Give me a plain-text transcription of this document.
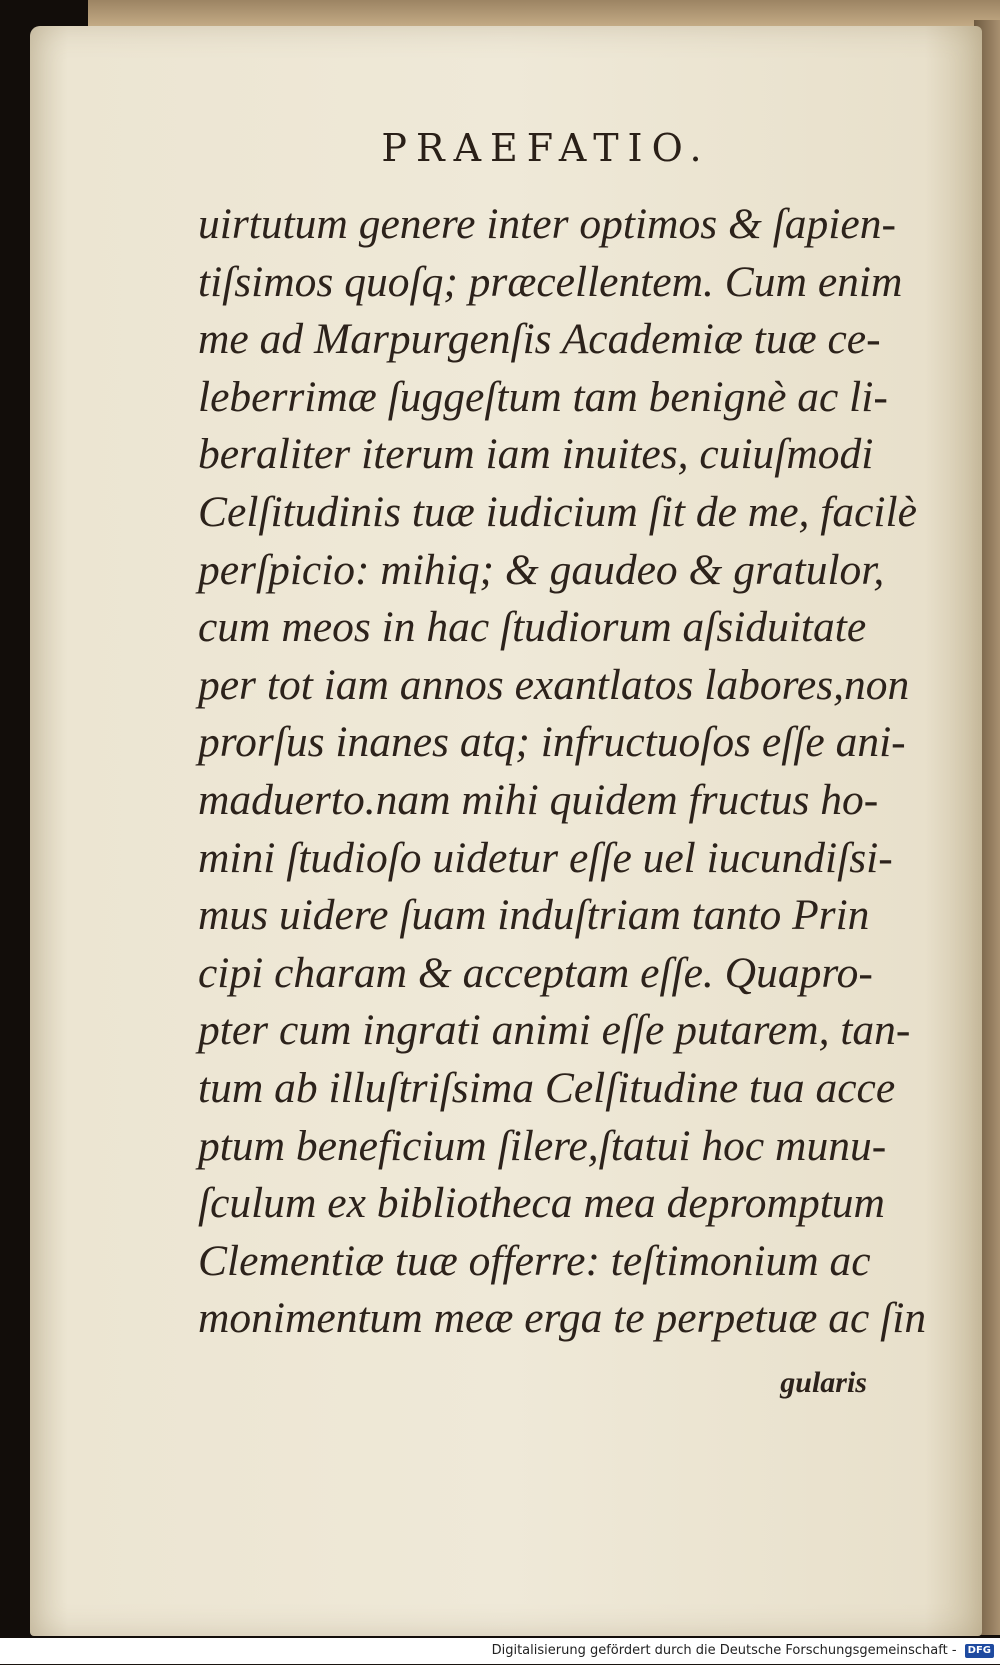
PRAEFATIO.
uirtutum genere inter optimos & ſapien-
tiſsimos quoſq; præcellentem. Cum enim
me ad Marpurgenſis Academiæ tuæ ce-
leberrimæ ſuggeſtum tam benignè ac li-
beraliter iterum iam inuites, cuiuſmodi
Celſitudinis tuæ iudicium ſit de me, facilè
perſpicio: mihiq; & gaudeo & gratulor,
cum meos in hac ſtudiorum aſsiduitate
per tot iam annos exantlatos labores,non
prorſus inanes atq; infructuoſos eſſe ani-
maduerto.nam mihi quidem fructus ho-
mini ſtudioſo uidetur eſſe uel iucundiſsi-
mus uidere ſuam induſtriam tanto Prin
cipi charam & acceptam eſſe. Quapro-
pter cum ingrati animi eſſe putarem, tan-
tum ab illuſtriſsima Celſitudine tua acce
ptum beneficium ſilere,ſtatui hoc munu-
ſculum ex bibliotheca mea depromptum
Clementiæ tuæ offerre: teſtimonium ac
monimentum meæ erga te perpetuæ ac ſin
gularis
Digitalisierung gefördert durch die Deutsche Forschungsgemeinschaft - DFG
